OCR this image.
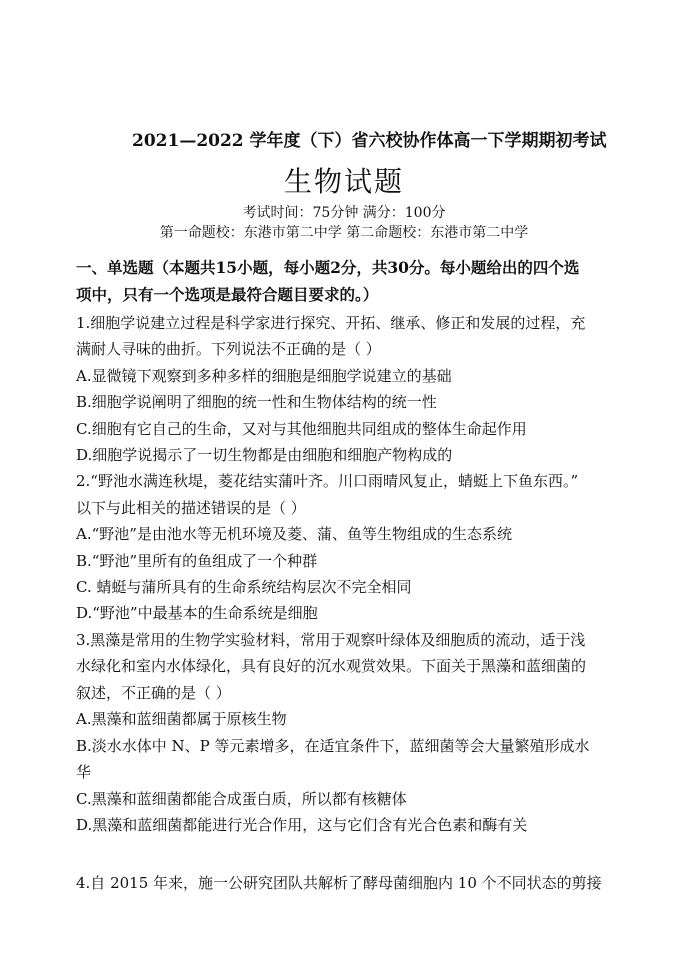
2021—2022 学年度（下）省六校协作体高一下学期期初考试
生物试题
考试时间：75分钟 满分：100分
第一命题校：东港市第二中学 第二命题校：东港市第二中学
一、单选题（本题共15小题，每小题2分，共30分。每小题给出的四个选
项中，只有一个选项是最符合题目要求的。）
1.细胞学说建立过程是科学家进行探究、开拓、继承、修正和发展的过程，充
满耐人寻味的曲折。下列说法不正确的是（ ）
A.显微镜下观察到多种多样的细胞是细胞学说建立的基础
B.细胞学说阐明了细胞的统一性和生物体结构的统一性
C.细胞有它自己的生命，又对与其他细胞共同组成的整体生命起作用
D.细胞学说揭示了一切生物都是由细胞和细胞产物构成的
2.“野池水满连秋堤，菱花结实蒲叶齐。川口雨晴风复止，蜻蜓上下鱼东西。”
以下与此相关的描述错误的是（ ）
A.“野池”是由池水等无机环境及菱、蒲、鱼等生物组成的生态系统
B.“野池”里所有的鱼组成了一个种群
C. 蜻蜓与蒲所具有的生命系统结构层次不完全相同
D.“野池”中最基本的生命系统是细胞
3.黑藻是常用的生物学实验材料，常用于观察叶绿体及细胞质的流动，适于浅
水绿化和室内水体绿化，具有良好的沉水观赏效果。下面关于黑藻和蓝细菌的
叙述，不正确的是（ ）
A.黑藻和蓝细菌都属于原核生物
B.淡水水体中 N、P 等元素增多，在适宜条件下，蓝细菌等会大量繁殖形成水
华
C.黑藻和蓝细菌都能合成蛋白质，所以都有核糖体
D.黑藻和蓝细菌都能进行光合作用，这与它们含有光合色素和酶有关
4.自 2015 年来，施一公研究团队共解析了酵母菌细胞内 10 个不同状态的剪接
